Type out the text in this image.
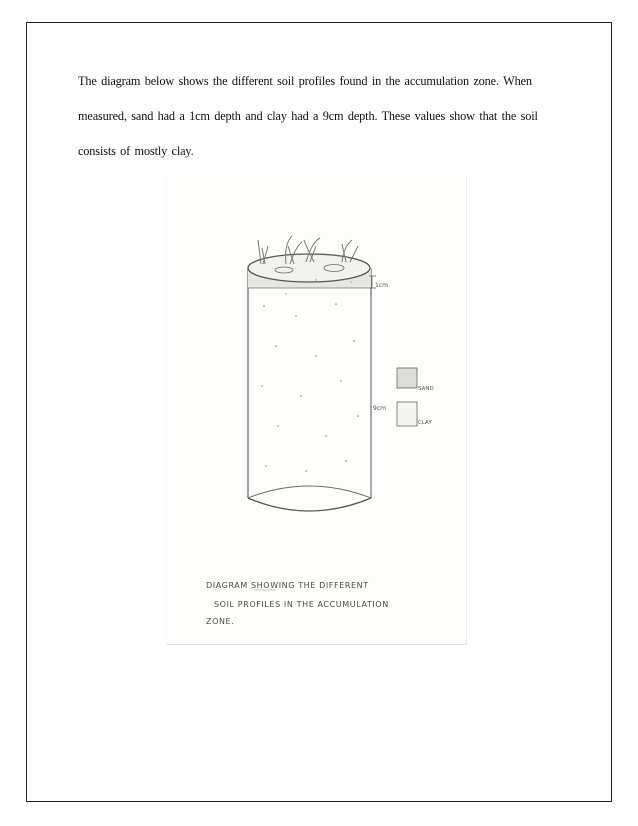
The diagram below shows the different soil profiles found in the accumulation zone. When measured, sand had a 1cm depth and clay had a 9cm depth. These values show that the soil consists of mostly clay.

1cm
9cm
SAND
CLAY
DIAGRAM SHOWING THE DIFFERENT
SOIL PROFILES IN THE ACCUMULATION
ZONE.
